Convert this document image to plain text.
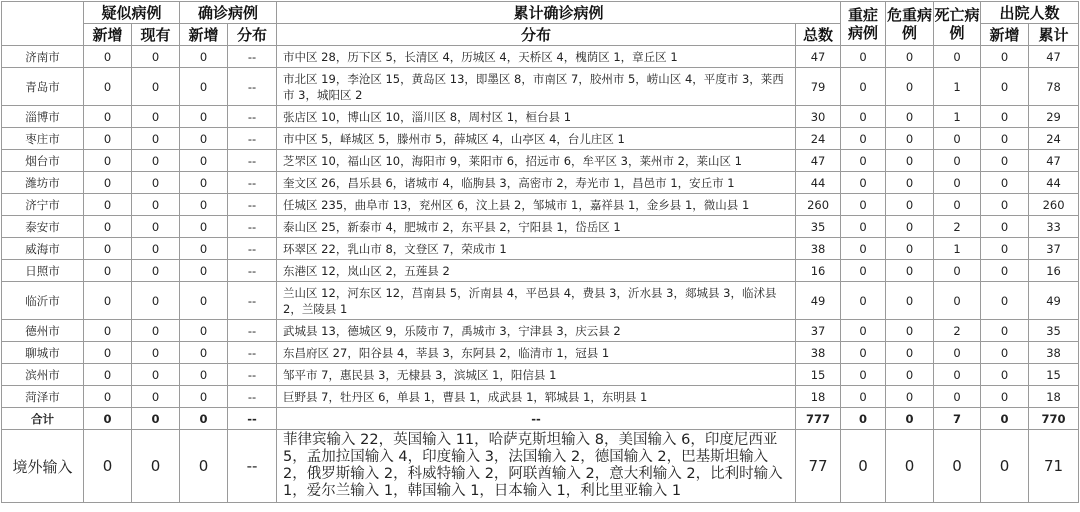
	疑似病例		确诊病例		累计确诊病例		重症病例	危重病例	死亡病例	出院人数	
	新增	现有	新增	分布	分布	总数				新增	累计
济南市	0	0	0	--	市中区 28，历下区 5，长清区 4，历城区 4，天桥区 4，槐荫区 1，章丘区 1	47	0	0	0	0	47
青岛市	0	0	0	--	市北区 19，李沧区 15，黄岛区 13，即墨区 8，市南区 7，胶州市 5，崂山区 4，平度市 3，莱西市 3，城阳区 2	79	0	0	1	0	78
淄博市	0	0	0	--	张店区 10，博山区 10，淄川区 8，周村区 1，桓台县 1	30	0	0	1	0	29
枣庄市	0	0	0	--	市中区 5，峄城区 5，滕州市 5，薛城区 4，山亭区 4，台儿庄区 1	24	0	0	0	0	24
烟台市	0	0	0	--	芝罘区 10，福山区 10，海阳市 9，莱阳市 6，招远市 6，牟平区 3，莱州市 2，莱山区 1	47	0	0	0	0	47
潍坊市	0	0	0	--	奎文区 26，昌乐县 6，诸城市 4，临朐县 3，高密市 2，寿光市 1，昌邑市 1，安丘市 1	44	0	0	0	0	44
济宁市	0	0	0	--	任城区 235，曲阜市 13，兖州区 6，汶上县 2，邹城市 1，嘉祥县 1，金乡县 1，微山县 1	260	0	0	0	0	260
泰安市	0	0	0	--	泰山区 25，新泰市 4，肥城市 2，东平县 2，宁阳县 1，岱岳区 1	35	0	0	2	0	33
威海市	0	0	0	--	环翠区 22，乳山市 8，文登区 7，荣成市 1	38	0	0	1	0	37
日照市	0	0	0	--	东港区 12，岚山区 2，五莲县 2	16	0	0	0	0	16
临沂市	0	0	0	--	兰山区 12，河东区 12，莒南县 5，沂南县 4，平邑县 4，费县 3，沂水县 3，郯城县 3，临沭县 2，兰陵县 1	49	0	0	0	0	49
德州市	0	0	0	--	武城县 13，德城区 9，乐陵市 7，禹城市 3，宁津县 3，庆云县 2	37	0	0	2	0	35
聊城市	0	0	0	--	东昌府区 27，阳谷县 4，莘县 3，东阿县 2，临清市 1，冠县 1	38	0	0	0	0	38
滨州市	0	0	0	--	邹平市 7，惠民县 3，无棣县 3，滨城区 1，阳信县 1	15	0	0	0	0	15
菏泽市	0	0	0	--	巨野县 7，牡丹区 6，单县 1，曹县 1，成武县 1，郓城县 1，东明县 1	18	0	0	0	0	18
合计	0	0	0	--	--	777	0	0	7	0	770
境外输入	0	0	0	--	菲律宾输入 22，英国输入 11，哈萨克斯坦输入 8，美国输入 6，印度尼西亚 5，孟加拉国输入 4，印度输入 3，法国输入 2，德国输入 2，巴基斯坦输入 2，俄罗斯输入 2，科威特输入 2，阿联酋输入 2，意大利输入 2，比利时输入 1，爱尔兰输入 1，韩国输入 1，日本输入 1，利比里亚输入 1	77	0	0	0	0	71
